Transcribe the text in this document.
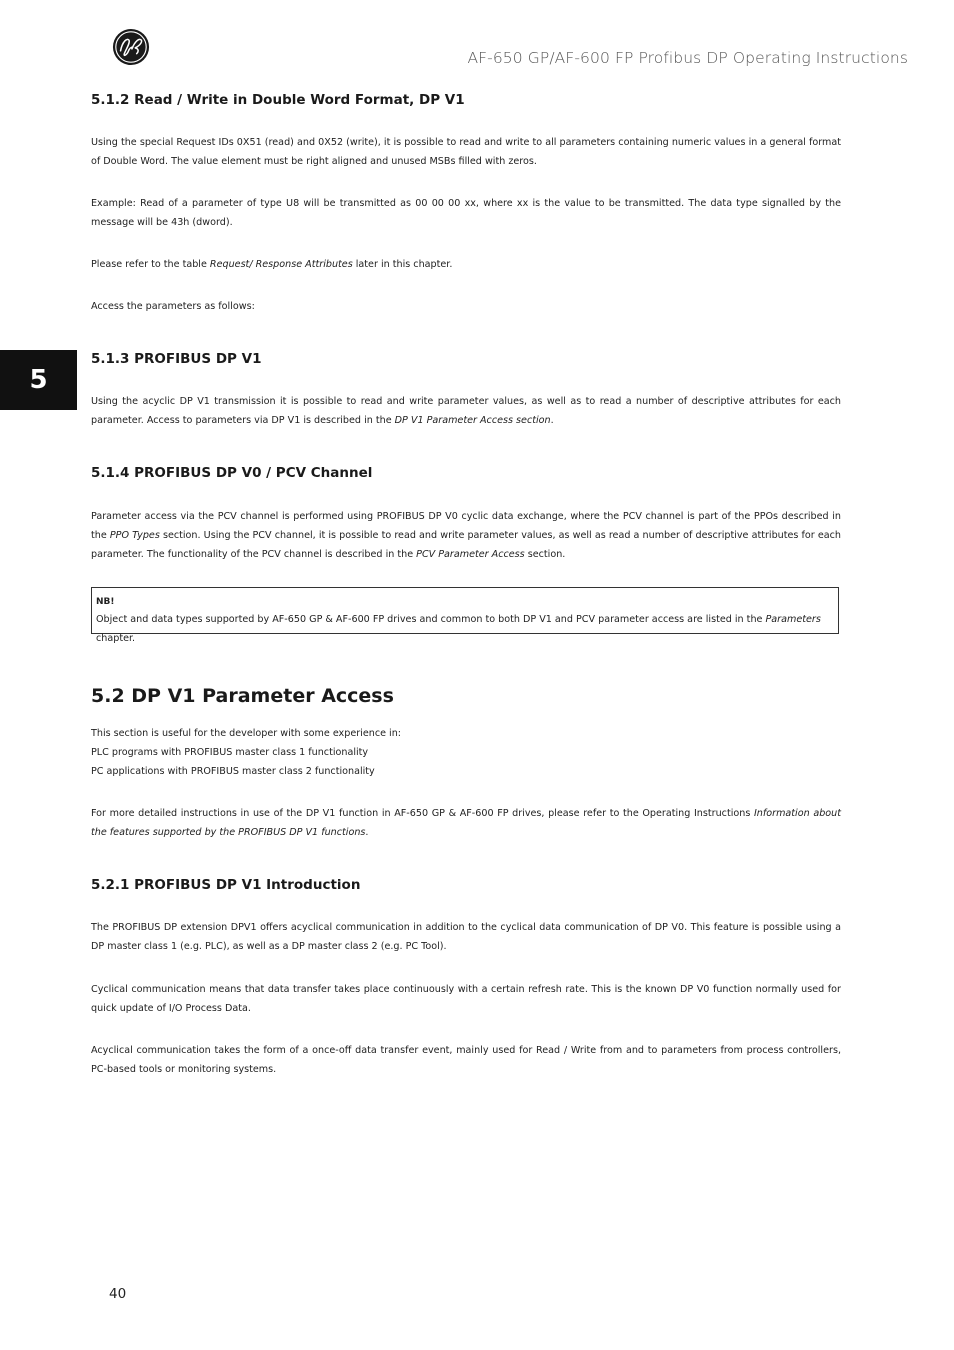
AF-650 GP/AF-600 FP Profibus DP Operating Instructions
5
5.1.2 Read / Write in Double Word Format, DP V1

Using the special Request IDs 0X51 (read) and 0X52 (write), it is possible to read and write to all parameters containing numeric values in a general format of Double Word. The value element must be right aligned and unused MSBs filled with zeros.

Example: Read of a parameter of type U8 will be transmitted as 00 00 00 xx, where xx is the value to be transmitted. The data type signalled by the message will be 43h (dword).

Please refer to the table Request/ Response Attributes later in this chapter.

Access the parameters as follows:

5.1.3 PROFIBUS DP V1

Using the acyclic DP V1 transmission it is possible to read and write parameter values, as well as to read a number of descriptive attributes for each parameter. Access to parameters via DP V1 is described in the DP V1 Parameter Access section.

5.1.4 PROFIBUS DP V0 / PCV Channel

Parameter access via the PCV channel is performed using PROFIBUS DP V0 cyclic data exchange, where the PCV channel is part of the PPOs described in the PPO Types section. Using the PCV channel, it is possible to read and write parameter values, as well as read a number of descriptive attributes for each parameter. The functionality of the PCV channel is described in the PCV Parameter Access section.

NB!
Object and data types supported by AF-650 GP & AF-600 FP drives and common to both DP V1 and PCV parameter access are listed in the Parameters chapter.
5.2 DP V1 Parameter Access

This section is useful for the developer with some experience in:

PLC programs with PROFIBUS master class 1 functionality

PC applications with PROFIBUS master class 2 functionality

For more detailed instructions in use of the DP V1 function in AF-650 GP & AF-600 FP drives, please refer to the Operating Instructions Information about the features supported by the PROFIBUS DP V1 functions.

5.2.1 PROFIBUS DP V1 Introduction

The PROFIBUS DP extension DPV1 offers acyclical communication in addition to the cyclical data communication of DP V0. This feature is possible using a DP master class 1 (e.g. PLC), as well as a DP master class 2 (e.g. PC Tool).

Cyclical communication means that data transfer takes place continuously with a certain refresh rate. This is the known DP V0 function normally used for quick update of I/O Process Data.

Acyclical communication takes the form of a once-off data transfer event, mainly used for Read / Write from and to parameters from process controllers, PC-based tools or monitoring systems.

40
